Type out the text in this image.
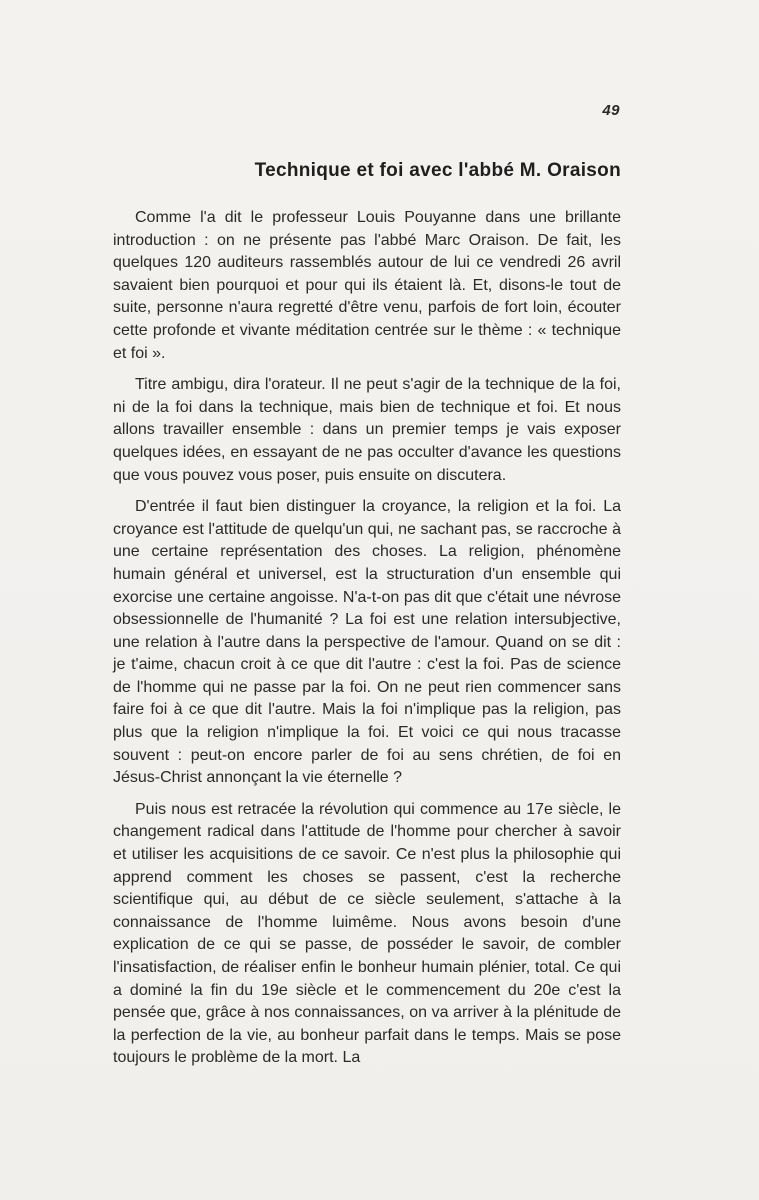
49
Technique et foi avec l'abbé M. Oraison

Comme l'a dit le professeur Louis Pouyanne dans une brillante introduction : on ne présente pas l'abbé Marc Oraison. De fait, les quelques 120 auditeurs rassemblés autour de lui ce vendredi 26 avril savaient bien pourquoi et pour qui ils étaient là. Et, disons-le tout de suite, personne n'aura regretté d'être venu, parfois de fort loin, écouter cette profonde et vivante méditation centrée sur le thème : « technique et foi ».

Titre ambigu, dira l'orateur. Il ne peut s'agir de la technique de la foi, ni de la foi dans la technique, mais bien de technique et foi. Et nous allons travailler ensemble : dans un premier temps je vais exposer quelques idées, en essayant de ne pas occulter d'avance les questions que vous pouvez vous poser, puis ensuite on discutera.

D'entrée il faut bien distinguer la croyance, la religion et la foi. La croyance est l'attitude de quelqu'un qui, ne sachant pas, se raccroche à une certaine représentation des choses. La religion, phénomène humain général et universel, est la structuration d'un ensemble qui exorcise une certaine angoisse. N'a-t-on pas dit que c'était une névrose obsessionnelle de l'humanité ? La foi est une relation intersubjective, une relation à l'autre dans la perspective de l'amour. Quand on se dit : je t'aime, chacun croit à ce que dit l'autre : c'est la foi. Pas de science de l'homme qui ne passe par la foi. On ne peut rien commencer sans faire foi à ce que dit l'autre. Mais la foi n'implique pas la religion, pas plus que la religion n'implique la foi. Et voici ce qui nous tracasse souvent : peut-on encore parler de foi au sens chrétien, de foi en Jésus-Christ annonçant la vie éternelle ?

Puis nous est retracée la révolution qui commence au 17e siècle, le changement radical dans l'attitude de l'homme pour chercher à savoir et utiliser les acquisitions de ce savoir. Ce n'est plus la philosophie qui apprend comment les choses se passent, c'est la recherche scientifique qui, au début de ce siècle seulement, s'attache à la connaissance de l'homme luimême. Nous avons besoin d'une explication de ce qui se passe, de posséder le savoir, de combler l'insatisfaction, de réaliser enfin le bonheur humain plénier, total. Ce qui a dominé la fin du 19e siècle et le commencement du 20e c'est la pensée que, grâce à nos connaissances, on va arriver à la plénitude de la perfection de la vie, au bonheur parfait dans le temps. Mais se pose toujours le problème de la mort. La
